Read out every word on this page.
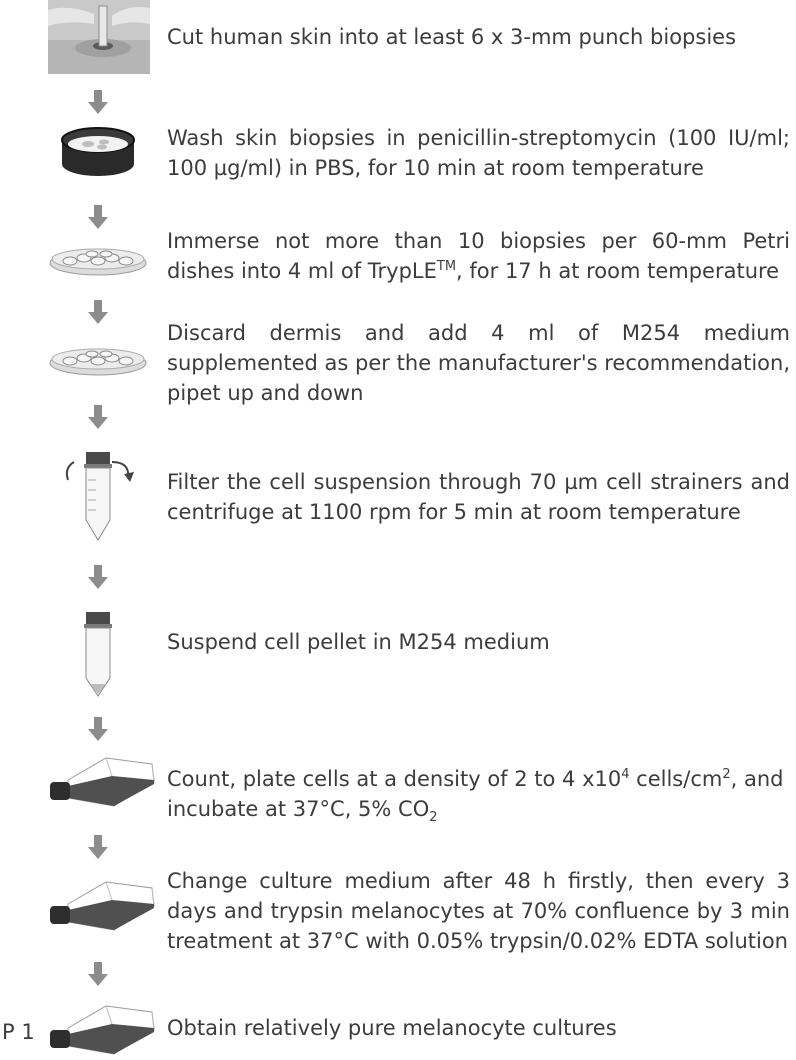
Cut human skin into at least 6 x 3-mm punch biopsies
Wash skin biopsies in penicillin-streptomycin (100 IU/ml; 100 µg/ml) in PBS, for 10 min at room temperature
Immerse not more than 10 biopsies per 60-mm Petri dishes into 4 ml of TrypLE™, for 17 h at room temperature
Discard dermis and add 4 ml of M254 medium supplemented as per the manufacturer's recommendation, pipet up and down
Filter the cell suspension through 70 µm cell strainers and centrifuge at 1100 rpm for 5 min at room temperature
Suspend cell pellet in M254 medium
Count, plate cells at a density of 2 to 4 $x10^4$ cells/$cm^2$, and incubate at 37°C, 5% $CO_2$
Change culture medium after 48 h firstly, then every 3 days and trypsin melanocytes at 70% confluence by 3 min treatment at 37°C with 0.05% trypsin/0.02% EDTA solution
P 1	Obtain relatively pure melanocyte cultures
